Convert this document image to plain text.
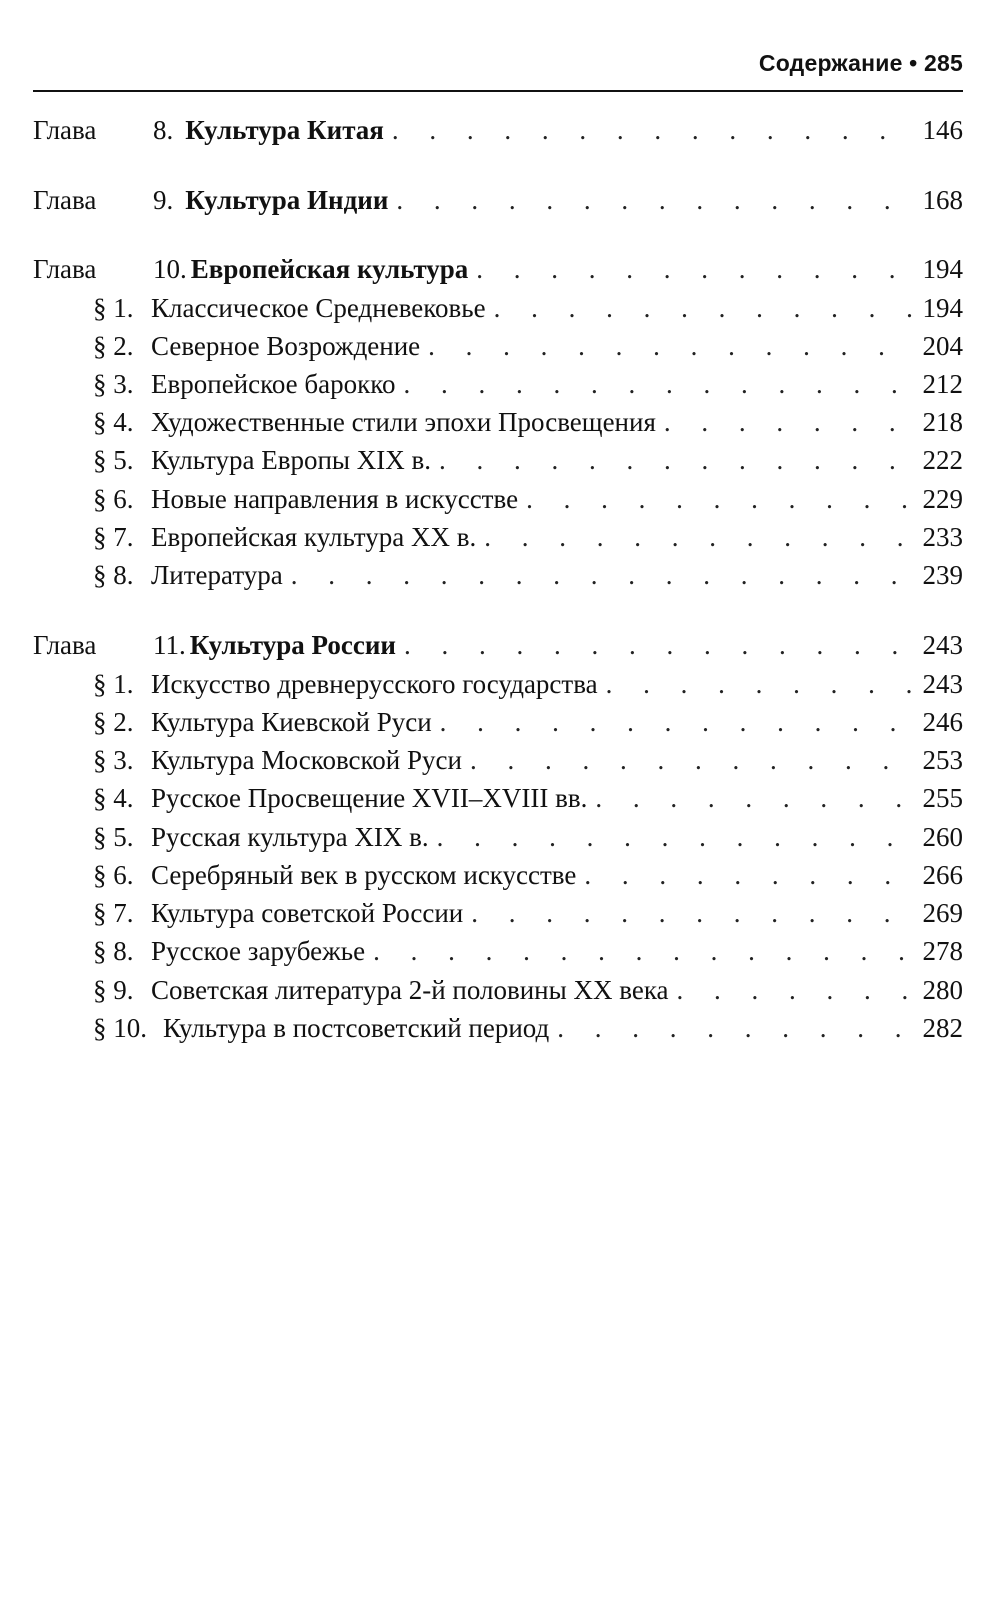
Содержание • 285
Глава	8. Культура Китая . . .	146
Глава	9. Культура Индии . . .	168
Глава	10. Европейская культура . . .	194
§ 1. Классическое Средневековье . . .	194
§ 2. Северное Возрождение . . .	204
§ 3. Европейское барокко . . .	212
§ 4. Художественные стили эпохи Просвещения . . .	218
§ 5. Культура Европы XIX в. . . .	222
§ 6. Новые направления в искусстве . . .	229
§ 7. Европейская культура XX в. . . .	233
§ 8. Литература . . .	239
Глава	11. Культура России . . .	243
§ 1. Искусство древнерусского государства . . .	243
§ 2. Культура Киевской Руси . . .	246
§ 3. Культура Московской Руси . . .	253
§ 4. Русское Просвещение XVII–XVIII вв. . . .	255
§ 5. Русская культура XIX в. . . .	260
§ 6. Серебряный век в русском искусстве . . .	266
§ 7. Культура советской России . . .	269
§ 8. Русское зарубежье . . .	278
§ 9. Советская литература 2-й половины XX века . . .	280
§ 10. Культура в постсоветский период . . .	282
